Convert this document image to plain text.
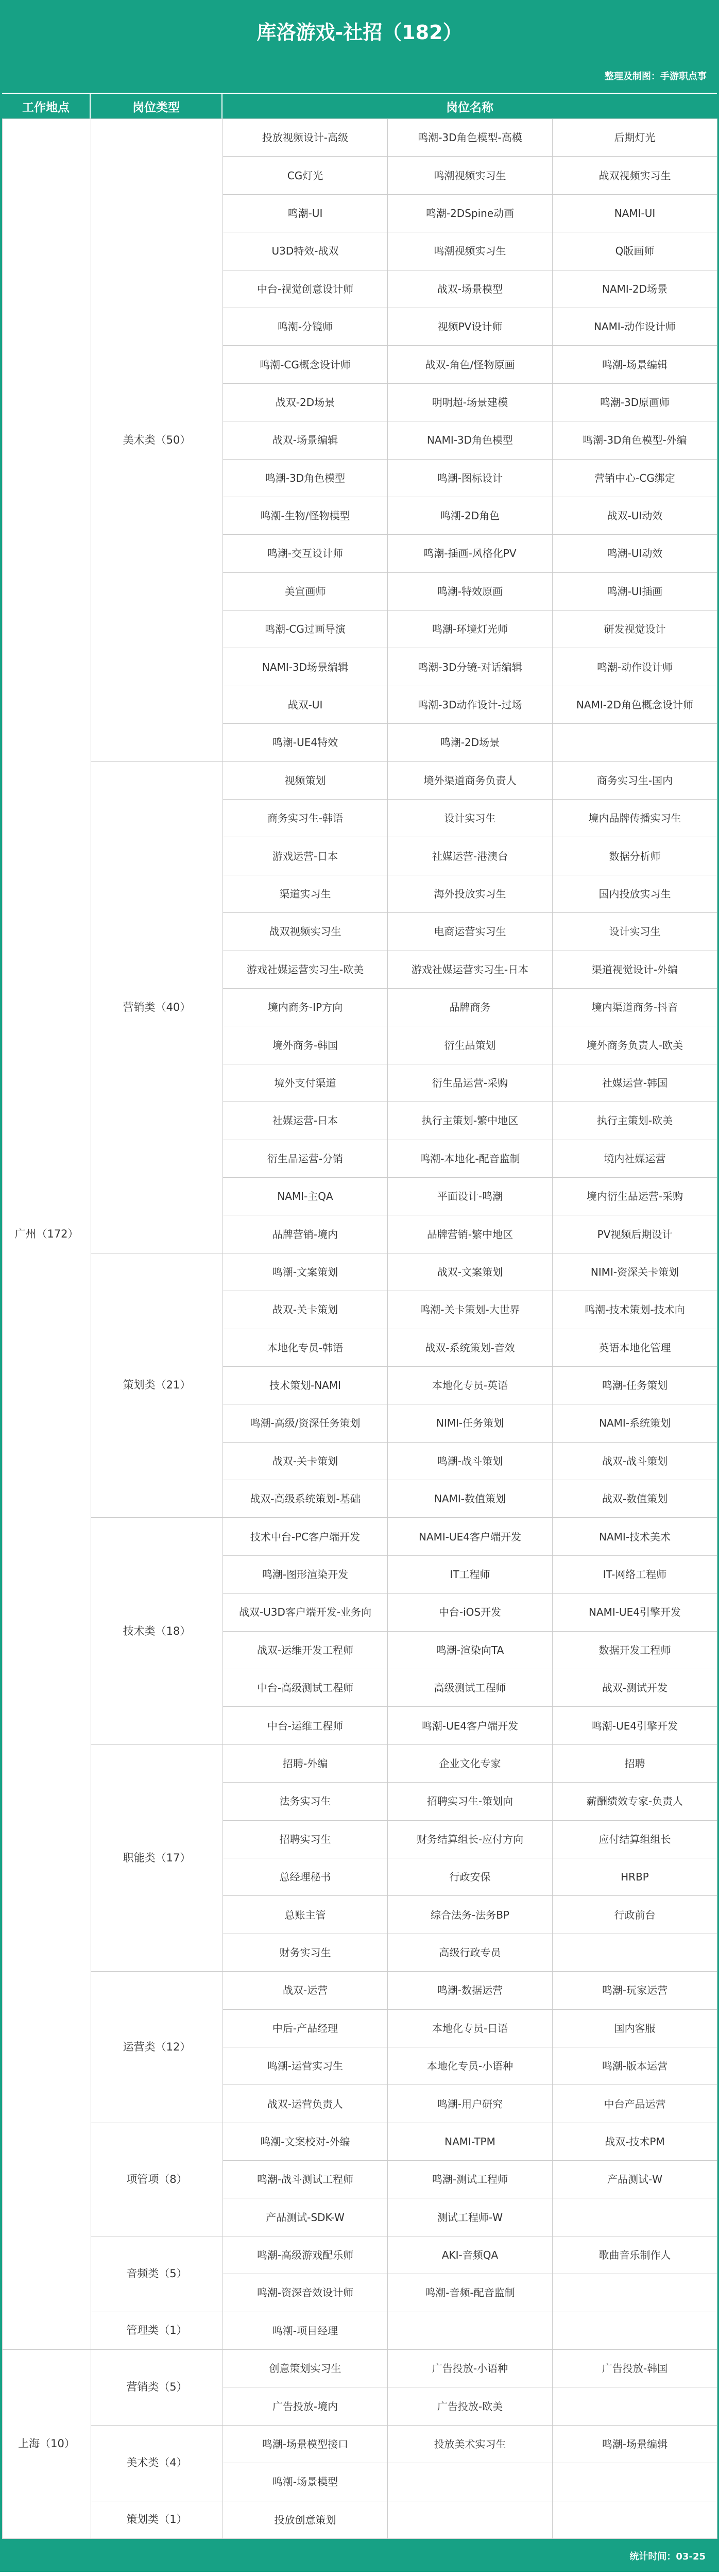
库洛游戏-社招（182）
整理及制图：手游职点事
工作地点	岗位类型	岗位名称
广州（172）	美术类（50）	投放视频设计-高级	鸣潮-3D角色模型-高模	后期灯光
		CG灯光	鸣潮视频实习生	战双视频实习生
		鸣潮-UI	鸣潮-2DSpine动画	NAMI-UI
		U3D特效-战双	鸣潮视频实习生	Q版画师
		中台-视觉创意设计师	战双-场景模型	NAMI-2D场景
		鸣潮-分镜师	视频PV设计师	NAMI-动作设计师
		鸣潮-CG概念设计师	战双-角色/怪物原画	鸣潮-场景编辑
		战双-2D场景	明明超-场景建模	鸣潮-3D原画师
		战双-场景编辑	NAMI-3D角色模型	鸣潮-3D角色模型-外编
		鸣潮-3D角色模型	鸣潮-图标设计	营销中心-CG绑定
		鸣潮-生物/怪物模型	鸣潮-2D角色	战双-UI动效
		鸣潮-交互设计师	鸣潮-插画-风格化PV	鸣潮-UI动效
		美宣画师	鸣潮-特效原画	鸣潮-UI插画
		鸣潮-CG过画导演	鸣潮-环境灯光师	研发视觉设计
		NAMI-3D场景编辑	鸣潮-3D分镜-对话编辑	鸣潮-动作设计师
		战双-UI	鸣潮-3D动作设计-过场	NAMI-2D角色概念设计师
		鸣潮-UE4特效	鸣潮-2D场景	
	营销类（40）	视频策划	境外渠道商务负责人	商务实习生-国内
		商务实习生-韩语	设计实习生	境内品牌传播实习生
		游戏运营-日本	社媒运营-港澳台	数据分析师
		渠道实习生	海外投放实习生	国内投放实习生
		战双视频实习生	电商运营实习生	设计实习生
		游戏社媒运营实习生-欧美	游戏社媒运营实习生-日本	渠道视觉设计-外编
		境内商务-IP方向	品牌商务	境内渠道商务-抖音
		境外商务-韩国	衍生品策划	境外商务负责人-欧美
		境外支付渠道	衍生品运营-采购	社媒运营-韩国
		社媒运营-日本	执行主策划-繁中地区	执行主策划-欧美
		衍生品运营-分销	鸣潮-本地化-配音监制	境内社媒运营
		NAMI-主QA	平面设计-鸣潮	境内衍生品运营-采购
		品牌营销-境内	品牌营销-繁中地区	PV视频后期设计
	策划类（21）	鸣潮-文案策划	战双-文案策划	NIMI-资深关卡策划
		战双-关卡策划	鸣潮-关卡策划-大世界	鸣潮-技术策划-技术向
		本地化专员-韩语	战双-系统策划-音效	英语本地化管理
		技术策划-NAMI	本地化专员-英语	鸣潮-任务策划
		鸣潮-高级/资深任务策划	NIMI-任务策划	NAMI-系统策划
		战双-关卡策划	鸣潮-战斗策划	战双-战斗策划
		战双-高级系统策划-基础	NAMI-数值策划	战双-数值策划
	技术类（18）	技术中台-PC客户端开发	NAMI-UE4客户端开发	NAMI-技术美术
		鸣潮-图形渲染开发	IT工程师	IT-网络工程师
		战双-U3D客户端开发-业务向	中台-iOS开发	NAMI-UE4引擎开发
		战双-运维开发工程师	鸣潮-渲染向TA	数据开发工程师
		中台-高级测试工程师	高级测试工程师	战双-测试开发
		中台-运维工程师	鸣潮-UE4客户端开发	鸣潮-UE4引擎开发
	职能类（17）	招聘-外编	企业文化专家	招聘
		法务实习生	招聘实习生-策划向	薪酬绩效专家-负责人
		招聘实习生	财务结算组长-应付方向	应付结算组组长
		总经理秘书	行政安保	HRBP
		总账主管	综合法务-法务BP	行政前台
		财务实习生	高级行政专员	
	运营类（12）	战双-运营	鸣潮-数据运营	鸣潮-玩家运营
		中后-产品经理	本地化专员-日语	国内客服
		鸣潮-运营实习生	本地化专员-小语种	鸣潮-版本运营
		战双-运营负责人	鸣潮-用户研究	中台产品运营
	项管项（8）	鸣潮-文案校对-外编	NAMI-TPM	战双-技术PM
		鸣潮-战斗测试工程师	鸣潮-测试工程师	产品测试-W
		产品测试-SDK-W	测试工程师-W	
	音频类（5）	鸣潮-高级游戏配乐师	AKI-音频QA	歌曲音乐制作人
		鸣潮-资深音效设计师	鸣潮-音频-配音监制	
	管理类（1）	鸣潮-项目经理		
上海（10）	营销类（5）	创意策划实习生	广告投放-小语种	广告投放-韩国
		广告投放-境内	广告投放-欧美	
	美术类（4）	鸣潮-场景模型接口	投放美术实习生	鸣潮-场景编辑
		鸣潮-场景模型		
	策划类（1）	投放创意策划		
统计时间：03-25
